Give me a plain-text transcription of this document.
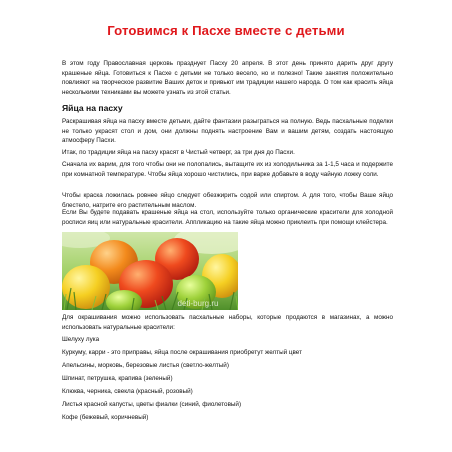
Готовимся к Пасхе вместе с детьми

В этом году Православная церковь празднует Пасху 20 апреля. В этот день принято дарить друг другу крашеные яйца. Готовиться к Пасхе с детьми не только весело, но и полезно! Такие занятия положительно повлияют на творческое развитие Ваших деток и привьют им традиции нашего народа. О том как красить яйца несколькими техниками вы можете узнать из этой статьи.

Яйца на пасху

Раскрашивая яйца на пасху вместе детьми, дайте фантазии разыграться на полную. Ведь пасхальные поделки не только украсят стол и дом, они должны поднять настроение Вам и вашим детям, создать настоящую атмосферу Пасхи.

Итак, по традиции яйца на пасху красят в Чистый четверг, за три дня до Пасхи.

Сначала их варим, для того чтобы они не полопались, вытащите их из холодильника за 1-1,5 часа и подержите при комнатной температуре. Чтобы яйца хорошо чистились, при варке добавьте в воду чайную ложку соли.

Чтобы краска ложилась ровнее яйцо следует обезжирить содой или спиртом. А для того, чтобы Ваше яйцо блестело, натрите его растительным маслом.

Если Вы будете подавать крашеные яйца на стол, используйте только органические красители для холодной росписи яиц или натуральные красители. Аппликацию на такие яйца можно приклеить при помощи клейстера.

deti-burg.ru

Для окрашивания можно использовать пасхальные наборы, которые продаются в магазинах, а можно использовать натуральные красители:

Шелуху лука

Куркуму, карри - это приправы, яйца после окрашивания приобретут желтый цвет

Апельсины, морковь, березовые листья (светло-желтый)

Шпинат, петрушка, крапива (зеленый)

Клюква, черника, свекла (красный, розовый)

Листья красной капусты, цветы фиалки (синий, фиолетовый)

Кофе (бежевый, коричневый)
